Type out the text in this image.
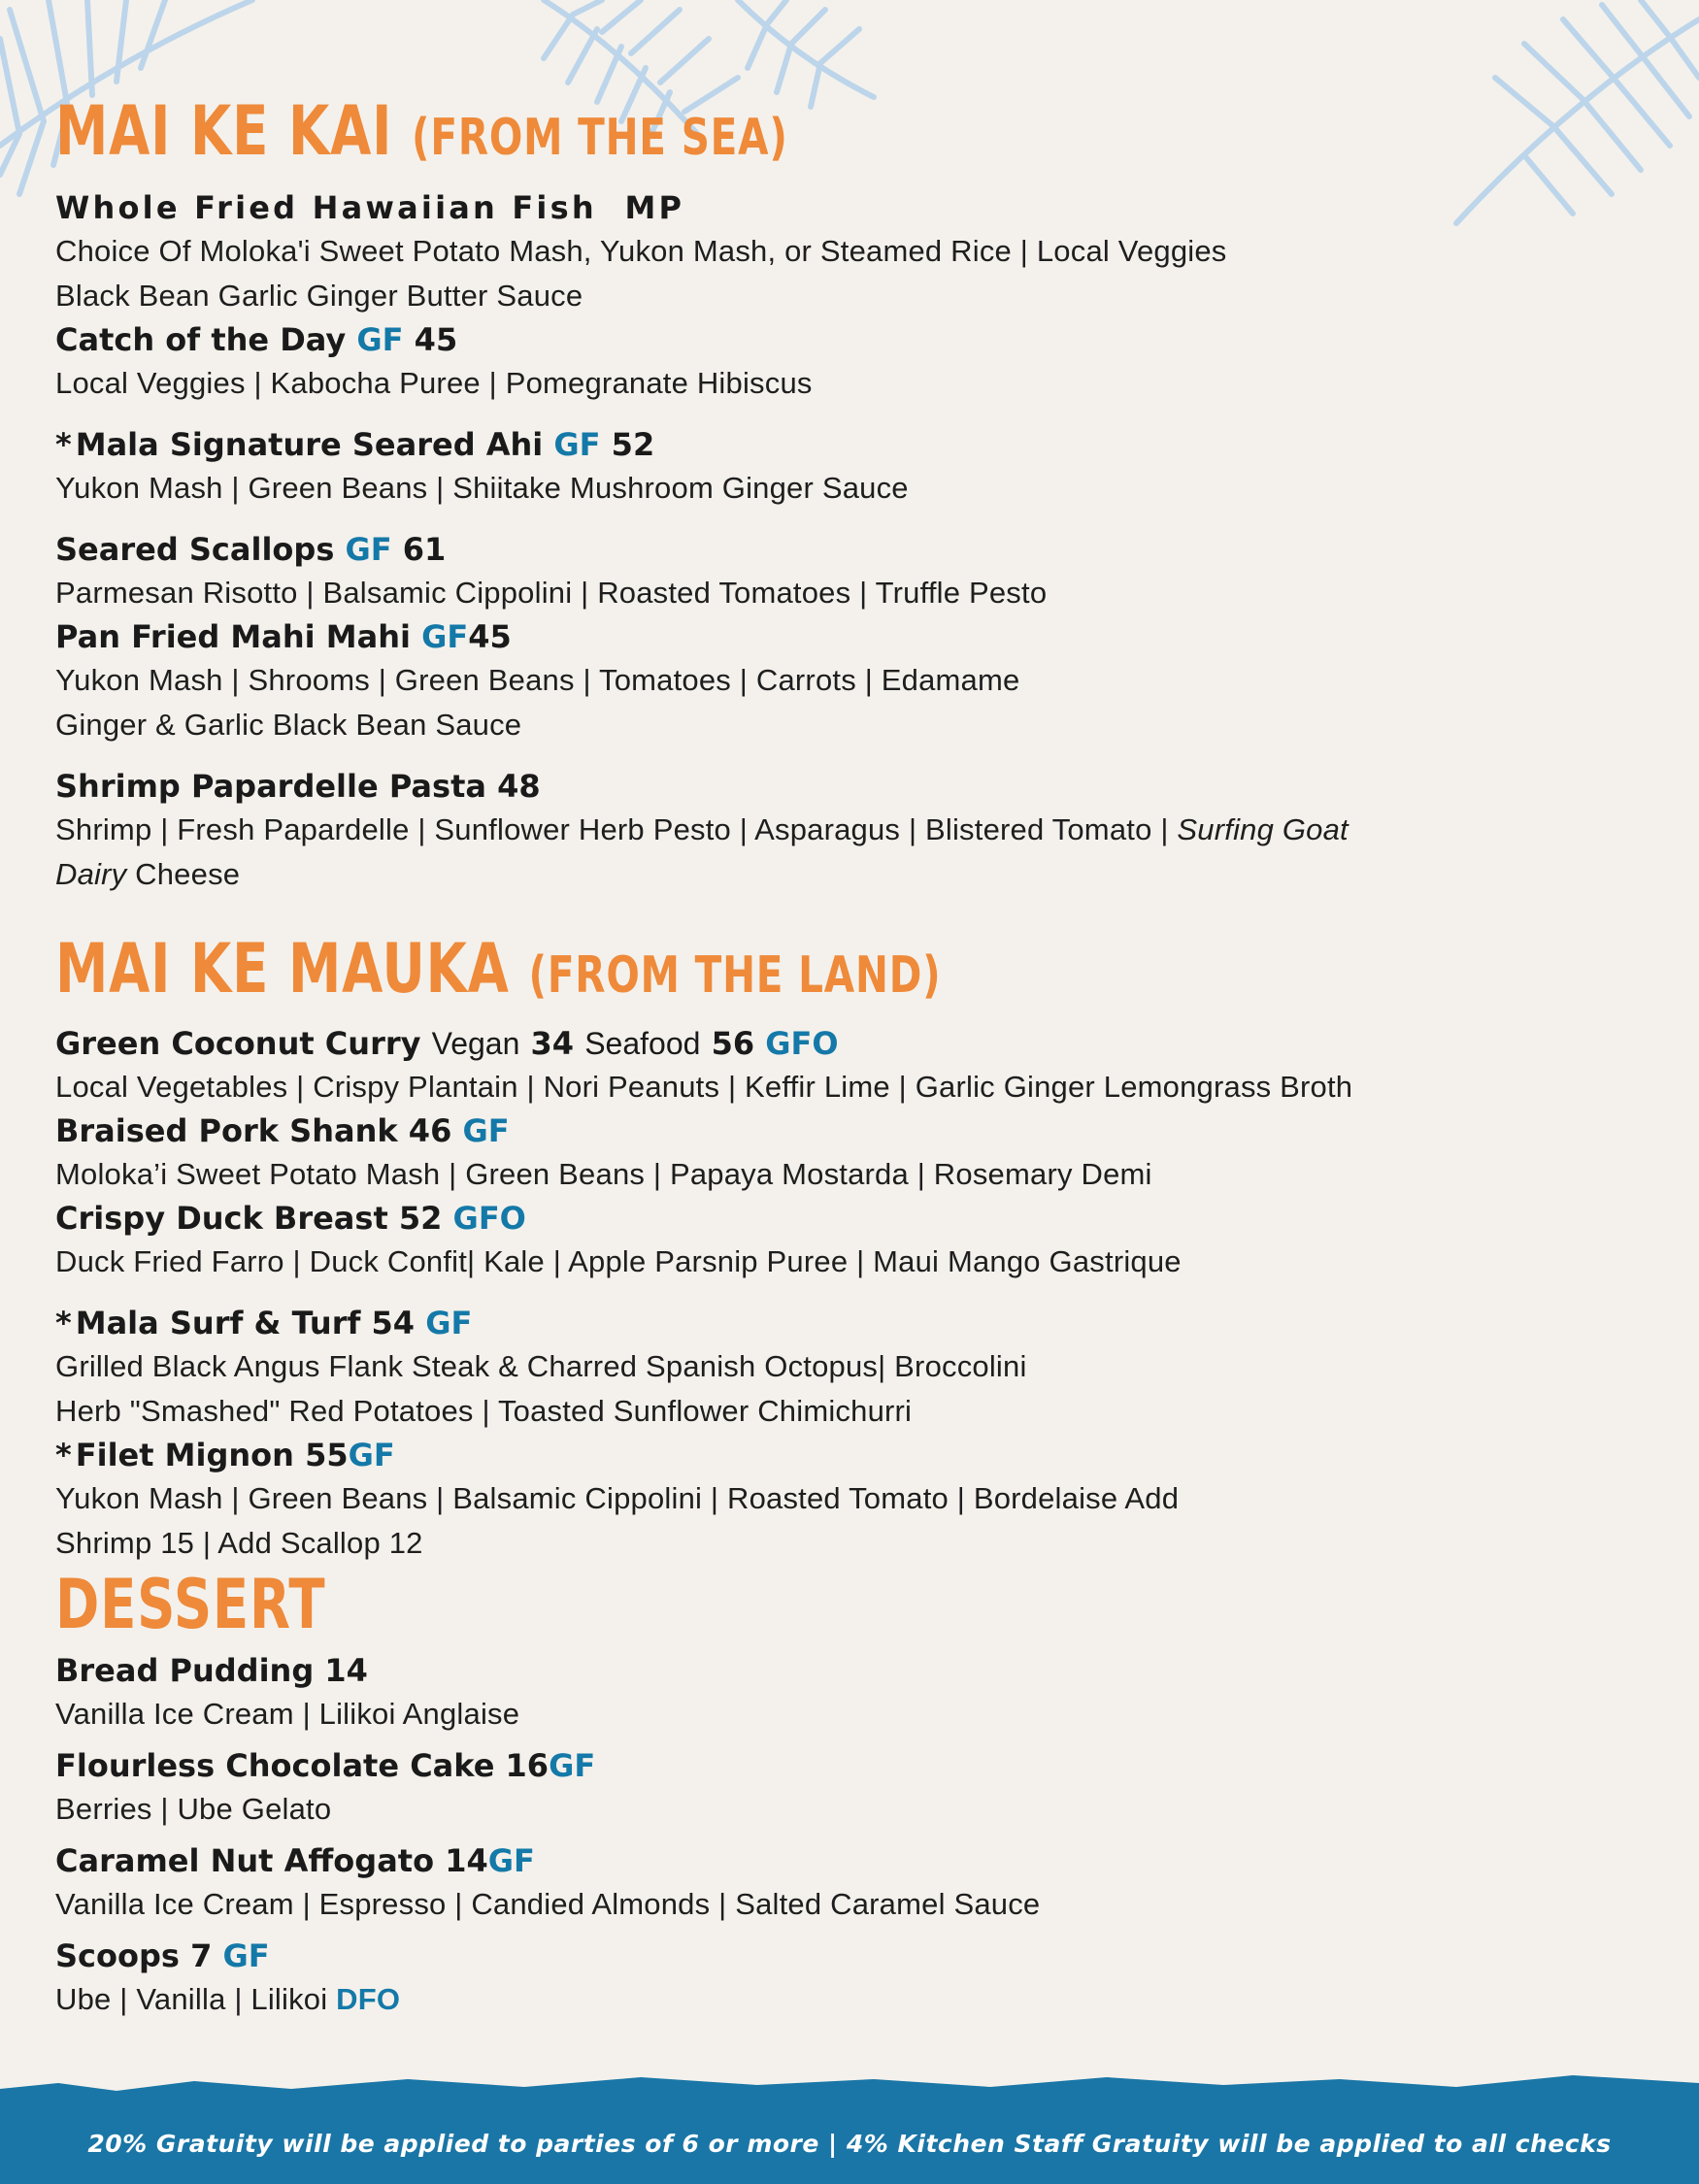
MAI KE KAI (FROM THE SEA)
Whole Fried Hawaiian Fish MP
Choice Of Moloka'i Sweet Potato Mash, Yukon Mash, or Steamed Rice | Local Veggies
Black Bean Garlic Ginger Butter Sauce
Catch of the Day GF 45
Local Veggies | Kabocha Puree | Pomegranate Hibiscus
* Mala Signature Seared Ahi GF 52
Yukon Mash | Green Beans | Shiitake Mushroom Ginger Sauce
Seared Scallops GF 61
Parmesan Risotto | Balsamic Cippolini | Roasted Tomatoes | Truffle Pesto
Pan Fried Mahi Mahi GF45
Yukon Mash | Shrooms | Green Beans | Tomatoes | Carrots | Edamame
Ginger & Garlic Black Bean Sauce
Shrimp Papardelle Pasta 48
Shrimp | Fresh Papardelle | Sunflower Herb Pesto | Asparagus | Blistered Tomato | Surfing Goat
Dairy Cheese
MAI KE MAUKA (FROM THE LAND)
Green Coconut Curry Vegan 34 Seafood 56 GFO
Local Vegetables | Crispy Plantain | Nori Peanuts | Keffir Lime | Garlic Ginger Lemongrass Broth
Braised Pork Shank 46 GF
Moloka’i Sweet Potato Mash | Green Beans | Papaya Mostarda | Rosemary Demi
Crispy Duck Breast 52 GFO
Duck Fried Farro | Duck Confit| Kale | Apple Parsnip Puree | Maui Mango Gastrique
* Mala Surf & Turf 54 GF
Grilled Black Angus Flank Steak & Charred Spanish Octopus| Broccolini
Herb "Smashed" Red Potatoes | Toasted Sunflower Chimichurri
* Filet Mignon 55GF
Yukon Mash | Green Beans | Balsamic Cippolini | Roasted Tomato | Bordelaise Add
Shrimp 15 | Add Scallop 12
DESSERT
Bread Pudding 14
Vanilla Ice Cream | Lilikoi Anglaise
Flourless Chocolate Cake 16GF
Berries | Ube Gelato
Caramel Nut Affogato 14GF
Vanilla Ice Cream | Espresso | Candied Almonds | Salted Caramel Sauce
Scoops 7 GF
Ube | Vanilla | Lilikoi DFO
20% Gratuity will be applied to parties of 6 or more | 4% Kitchen Staff Gratuity will be applied to all checks
